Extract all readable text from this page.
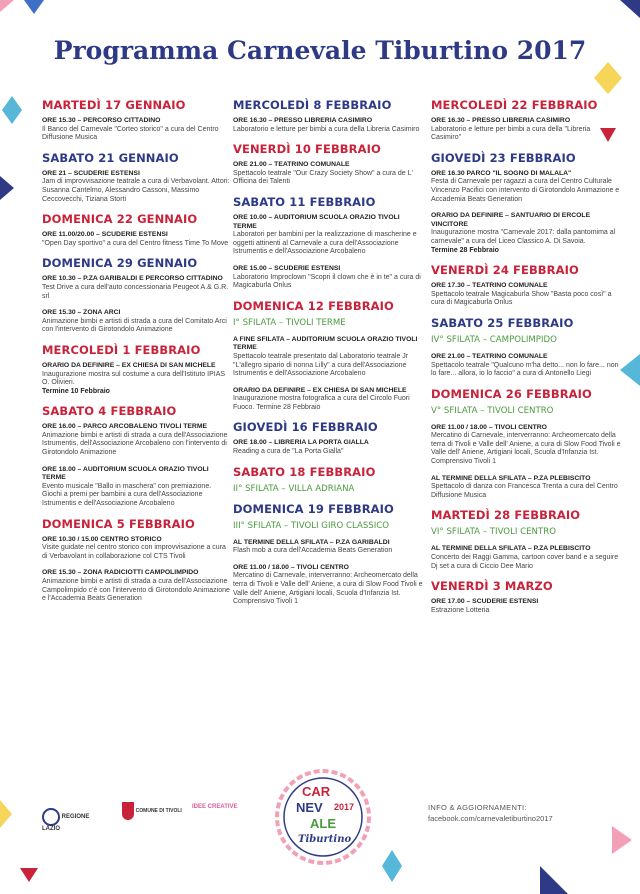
Programma Carnevale Tiburtino 2017
MARTEDÌ 17 GENNAIO
ORE 15.30 – PERCORSO CITTADINO
Il Banco del Carnevale "Corteo storico" a cura del Centro Diffusione Musica
SABATO 21 GENNAIO
ORE 21 – SCUDERIE ESTENSI
Jam di improvvisazione teatrale a cura di Verbavolant. Attori: Susanna Cantelmo, Alessandro Cassoni, Massimo Ceccovecchi, Tiziana Storti
DOMENICA 22 GENNAIO
ORE 11.00/20.00 – SCUDERIE ESTENSI
"Open Day sportivo" a cura del Centro fitness Time To Move
DOMENICA 29 GENNAIO
ORE 10.30 – P.ZA GARIBALDI E PERCORSO CITTADINO
Test Drive a cura dell'auto concessionaria Peugeot A.& G.R. srl
ORE 15.30 – ZONA ARCI
Animazione bimbi e artisti di strada a cura del Comitato Arci con l'intervento di Girotondolo Animazione
MERCOLEDÌ 1 FEBBRAIO
ORARIO DA DEFINIRE – EX CHIESA DI SAN MICHELE
Inaugurazione mostra sul costume a cura dell'Istituto IPIAS O. Olivieri.
Termine 10 Febbraio
SABATO 4 FEBBRAIO
ORE 16.00 – PARCO ARCOBALENO TIVOLI TERME
Animazione bimbi e artisti di strada a cura dell'Associazione Istrumentis, dell'Associazione Arcobaleno con l'intervento di Girotondolo Animazione
ORE 18.00 – AUDITORIUM SCUOLA ORAZIO TIVOLI TERME
Evento musicale "Ballo in maschera" con premiazione. Giochi a premi per bambini a cura dell'Associazione Istrumentis e dell'Associazione Arcobaleno
DOMENICA 5 FEBBRAIO
ORE 10.30 / 15.00 CENTRO STORICO
Visite guidate nel centro storico con improvvisazione a cura di Verbavolant in collaborazione col CTS Tivoli
ORE 15.30 – ZONA RADICIOTTI CAMPOLIMPIDO
Animazione bimbi e artisti di strada a cura dell'Associazione Campolimpido c'è con l'intervento di Girotondolo Animazione e l'Accademia Beats Generation
MERCOLEDÌ 8 FEBBRAIO
ORE 16.30 – PRESSO LIBRERIA CASIMIRO
Laboratorio e letture per bimbi a cura della Libreria Casimiro
VENERDÌ 10 FEBBRAIO
ORE 21.00 – TEATRINO COMUNALE
Spettacolo teatrale "Our Crazy Society Show" a cura de L' Officina dei Talenti
SABATO 11 FEBBRAIO
ORE 10.00 – AUDITORIUM SCUOLA ORAZIO TIVOLI TERME
Laboratori per bambini per la realizzazione di mascherine e oggetti attinenti al Carnevale a cura dell'Associazione Istrumentis e dell'Associazione Arcobaleno
ORE 15.00 – SCUDERIE ESTENSI
Laboratorio Improclown "Scopri il clown che è in te" a cura di Magicaburla Onlus
DOMENICA 12 FEBBRAIO
I° SFILATA – TIVOLI TERME
A FINE SFILATA – AUDITORIUM SCUOLA ORAZIO TIVOLI TERME
Spettacolo teatrale presentato dal Laboratorio teatrale Jr "L'allegro sipario di nonna Lilly" a cura dell'Associazione Istrumentis e dell'Associazione Arcobaleno
ORARIO DA DEFINIRE – EX CHIESA DI SAN MICHELE
Inaugurazione mostra fotografica a cura del Circolo Fuori Fuoco. Termine 28 Febbraio
GIOVEDÌ 16 FEBBRAIO
ORE 18.00 – LIBRERIA LA PORTA GIALLA
Reading a cura de "La Porta Gialla"
SABATO 18 FEBBRAIO
II° SFILATA – VILLA ADRIANA
DOMENICA 19 FEBBRAIO
III° SFILATA – TIVOLI GIRO CLASSICO
AL TERMINE DELLA SFILATA – P.ZA GARIBALDI
Flash mob a cura dell'Accademia Beats Generation
ORE 11.00 / 18.00 – TIVOLI CENTRO
Mercatino di Carnevale, interverranno: Archeomercato della terra di Tivoli e Valle dell' Aniene, a cura di Slow Food Tivoli e Valle dell' Aniene, Artigiani locali, Scuola d'Infanzia Ist. Comprensivo Tivoli 1
MERCOLEDÌ 22 FEBBRAIO
ORE 16.30 – PRESSO LIBRERIA CASIMIRO
Laboratorio e letture per bimbi a cura della "Libreria Casimiro"
GIOVEDÌ 23 FEBBRAIO
ORE 16.30 PARCO "IL SOGNO DI MALALA"
Festa di Carnevale per ragazzi a cura del Centro Culturale Vincenzo Pacifici con intervento di Girotondolo Animazione e Accademia Beats Generation
ORARIO DA DEFINIRE – SANTUARIO DI ERCOLE VINCITORE
Inaugurazione mostra "Carnevale 2017: dalla pantomima al carnevale" a cura del Liceo Classico A. Di Savoia.
Termine 28 Febbraio
VENERDÌ 24 FEBBRAIO
ORE 17.30 – TEATRINO COMUNALE
Spettacolo teatrale Magicaburla Show "Basta poco così" a cura di Magicaburla Onlus
SABATO 25 FEBBRAIO
IV° SFILATA – CAMPOLIMPIDO
ORE 21.00 – TEATRINO COMUNALE
Spettacolo teatrale "Qualcuno m'ha detto... non lo fare... non lo fare... allora, io lo faccio" a cura di Antonello Liegi
DOMENICA 26 FEBBRAIO
V° SFILATA – TIVOLI CENTRO
ORE 11.00 / 18.00 – TIVOLI CENTRO
Mercatino di Carnevale, interverranno: Archeomercato della terra di Tivoli e Valle dell' Aniene, a cura di Slow Food Tivoli e Valle dell' Aniene, Artigiani locali, Scuola d'Infanzia Ist. Comprensivo Tivoli 1
AL TERMINE DELLA SFILATA – P.ZA PLEBISCITO
Spettacolo di danza con Francesca Trenta a cura del Centro Diffusione Musica
MARTEDÌ 28 FEBBRAIO
VI° SFILATA – TIVOLI CENTRO
AL TERMINE DELLA SFILATA – P.ZA PLEBISCITO
Concerto dei Raggi Gamma, cartoon cover band e a seguire Dj set a cura di Ciccio Dee Mario
VENERDÌ 3 MARZO
ORE 17.00 – SCUDERIE ESTENSI
Estrazione Lotteria
REGIONE LAZIO
COMUNE DI TIVOLI
IDEE CREATIVE
CAR
NEV 2017
ALE
Tiburtino
INFO & AGGIORNAMENTI:
facebook.com/carnevaletiburtino2017
